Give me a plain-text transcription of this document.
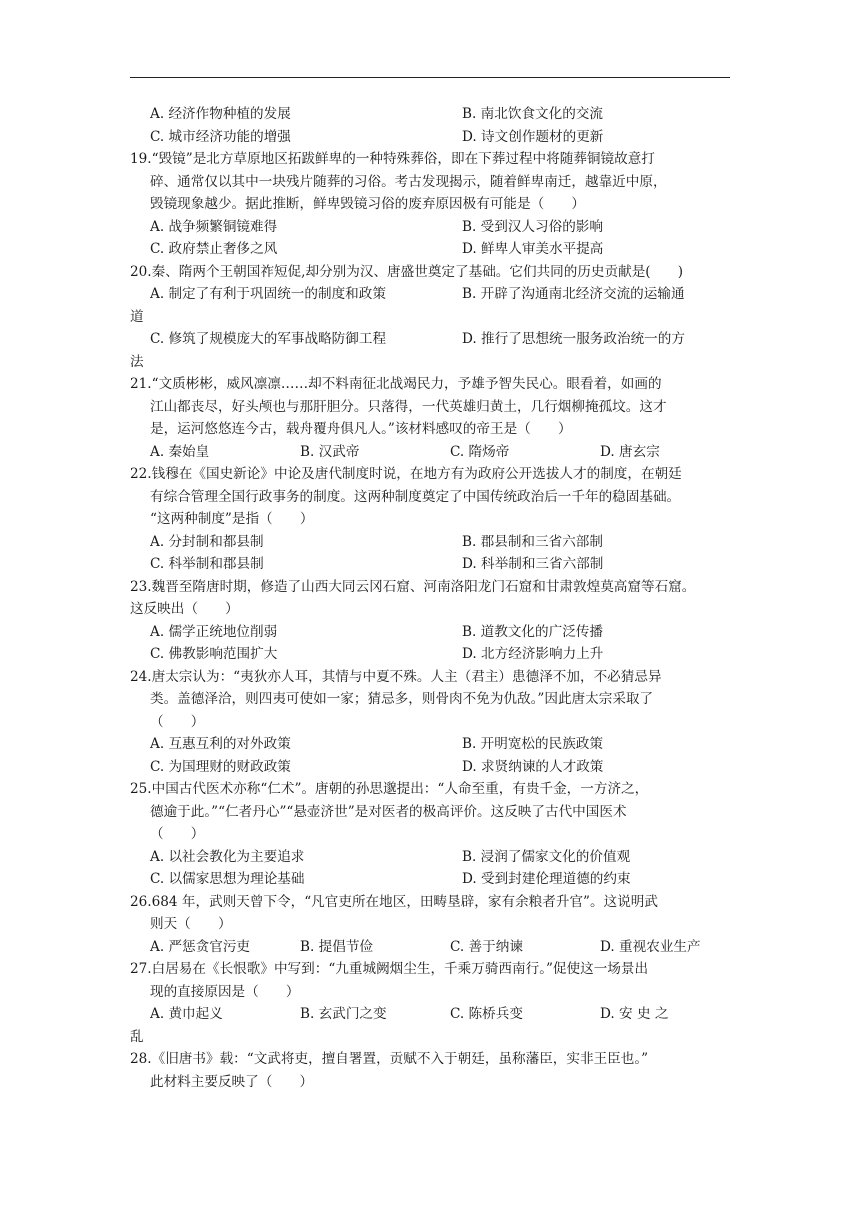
A. 经济作物种植的发展	B. 南北饮食文化的交流
C. 城市经济功能的增强	D. 诗文创作题材的更新

19.“毁镜”是北方草原地区拓跋鲜卑的一种特殊葬俗，即在下葬过程中将随葬铜镜故意打

碎、通常仅以其中一块残片随葬的习俗。考古发现揭示，随着鲜卑南迁，越靠近中原，

毁镜现象越少。据此推断，鲜卑毁镜习俗的废弃原因极有可能是（　　）

A. 战争频繁铜镜难得	B. 受到汉人习俗的影响
C. 政府禁止奢侈之风	D. 鲜卑人审美水平提高

20.秦、隋两个王朝国祚短促,却分别为汉、唐盛世奠定了基础。它们共同的历史贡献是(　　)

A. 制定了有利于巩固统一的制度和政策	B. 开辟了沟通南北经济交流的运输通

道

C. 修筑了规模庞大的军事战略防御工程	D. 推行了思想统一服务政治统一的方

法

21.“文质彬彬，威风凛凛……却不料南征北战竭民力，予雄予智失民心。眼看着，如画的

江山都丧尽，好头颅也与那肝胆分。只落得，一代英雄归黄土，几行烟柳掩孤坟。这才

是，运河悠悠连今古，载舟覆舟俱凡人。”该材料感叹的帝王是（　　）

A. 秦始皇	B. 汉武帝	C. 隋炀帝	D. 唐玄宗

22.钱穆在《国史新论》中论及唐代制度时说，在地方有为政府公开选拔人才的制度，在朝廷

有综合管理全国行政事务的制度。这两种制度奠定了中国传统政治后一千年的稳固基础。

“这两种制度”是指（　　）

A. 分封制和都县制	B. 郡县制和三省六部制
C. 科举制和郡县制	D. 科举制和三省六部制

23.魏晋至隋唐时期，修造了山西大同云冈石窟、河南洛阳龙门石窟和甘肃敦煌莫高窟等石窟。

这反映出（　　）

A. 儒学正统地位削弱	B. 道教文化的广泛传播
C. 佛教影响范围扩大	D. 北方经济影响力上升

24.唐太宗认为：“夷狄亦人耳，其情与中夏不殊。人主（君主）患德泽不加，不必猜忌异

类。盖德泽洽，则四夷可使如一家；猜忌多，则骨肉不免为仇敌。”因此唐太宗采取了

（　　）

A. 互惠互利的对外政策	B. 开明宽松的民族政策
C. 为国理财的财政政策	D. 求贤纳谏的人才政策

25.中国古代医术亦称“仁术”。唐朝的孙思邈提出：“人命至重，有贵千金，一方济之，

德逾于此。”“仁者丹心”“悬壶济世”是对医者的极高评价。这反映了古代中国医术

（　　）

A. 以社会教化为主要追求	B. 浸润了儒家文化的价值观
C. 以儒家思想为理论基础	D. 受到封建伦理道德的约束

26.684 年，武则天曾下令，“凡官吏所在地区，田畴垦辟，家有余粮者升官”。这说明武

则天（　　）

A. 严惩贪官污吏	B. 提倡节俭	C. 善于纳谏	D. 重视农业生产

27.白居易在《长恨歌》中写到：“九重城阙烟尘生，千乘万骑西南行。”促使这一场景出

现的直接原因是（　　）

A. 黄巾起义	B. 玄武门之变	C. 陈桥兵变	D. 安 史 之

乱

28.《旧唐书》载：“文武将吏，擅自署置，贡赋不入于朝廷，虽称藩臣，实非王臣也。”

此材料主要反映了（　　）
